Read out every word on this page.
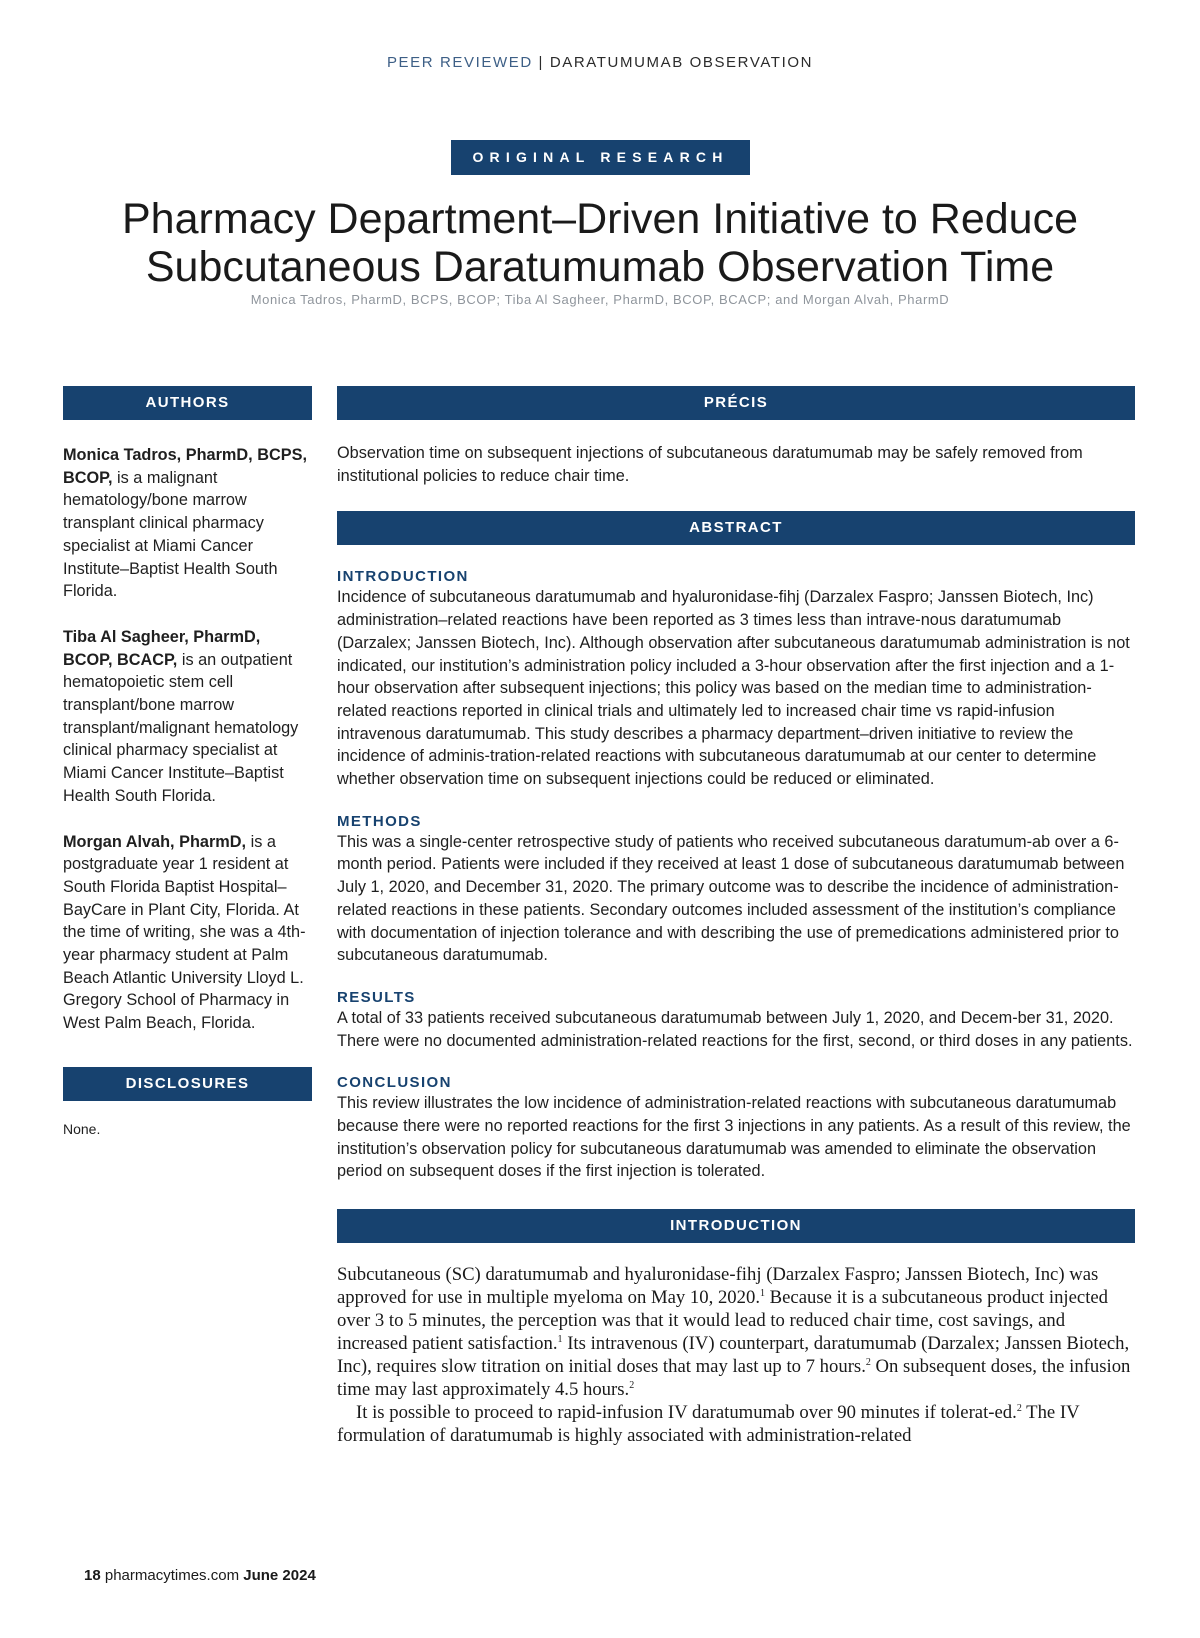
PEER REVIEWED | DARATUMUMAB OBSERVATION
ORIGINAL RESEARCH
Pharmacy Department–Driven Initiative to Reduce
Subcutaneous Daratumumab Observation Time
Monica Tadros, PharmD, BCPS, BCOP; Tiba Al Sagheer, PharmD, BCOP, BCACP; and Morgan Alvah, PharmD
AUTHORS

Monica Tadros, PharmD, BCPS, BCOP, is a malignant hematology/bone marrow transplant clinical pharmacy specialist at Miami Cancer Institute–Baptist Health South Florida.

Tiba Al Sagheer, PharmD, BCOP, BCACP, is an outpatient hematopoietic stem cell transplant/bone marrow transplant/malignant hematology clinical pharmacy specialist at Miami Cancer Institute–Baptist Health South Florida.

Morgan Alvah, PharmD, is a postgraduate year 1 resident at South Florida Baptist Hospital–BayCare in Plant City, Florida. At the time of writing, she was a 4th-year pharmacy student at Palm Beach Atlantic University Lloyd L. Gregory School of Pharmacy in West Palm Beach, Florida.

DISCLOSURES
None.
PRÉCIS

Observation time on subsequent injections of subcutaneous daratumumab may be safely removed from institutional policies to reduce chair time.

ABSTRACT
INTRODUCTION

Incidence of subcutaneous daratumumab and hyaluronidase-fihj (Darzalex Faspro; Janssen Biotech, Inc) administration–related reactions have been reported as 3 times less than intrave-nous daratumumab (Darzalex; Janssen Biotech, Inc). Although observation after subcutaneous daratumumab administration is not indicated, our institution’s administration policy included a 3-hour observation after the first injection and a 1-hour observation after subsequent injections; this policy was based on the median time to administration-related reactions reported in clinical trials and ultimately led to increased chair time vs rapid-infusion intravenous daratumumab. This study describes a pharmacy department–driven initiative to review the incidence of adminis-tration-related reactions with subcutaneous daratumumab at our center to determine whether observation time on subsequent injections could be reduced or eliminated.

METHODS

This was a single-center retrospective study of patients who received subcutaneous daratumum-ab over a 6-month period. Patients were included if they received at least 1 dose of subcutaneous daratumumab between July 1, 2020, and December 31, 2020. The primary outcome was to describe the incidence of administration-related reactions in these patients. Secondary outcomes included assessment of the institution’s compliance with documentation of injection tolerance and with describing the use of premedications administered prior to subcutaneous daratumumab.

RESULTS

A total of 33 patients received subcutaneous daratumumab between July 1, 2020, and Decem-ber 31, 2020. There were no documented administration-related reactions for the first, second, or third doses in any patients.

CONCLUSION

This review illustrates the low incidence of administration-related reactions with subcutaneous daratumumab because there were no reported reactions for the first 3 injections in any patients. As a result of this review, the institution’s observation policy for subcutaneous daratumumab was amended to eliminate the observation period on subsequent doses if the first injection is tolerated.

INTRODUCTION

Subcutaneous (SC) daratumumab and hyaluronidase-fihj (Darzalex Faspro; Janssen Biotech, Inc) was approved for use in multiple myeloma on May 10, 2020.$^1$ Because it is a subcutaneous product injected over 3 to 5 minutes, the perception was that it would lead to reduced chair time, cost savings, and increased patient satisfaction.$^1$ Its intravenous (IV) counterpart, daratumumab (Darzalex; Janssen Biotech, Inc), requires slow titration on initial doses that may last up to 7 hours.$^2$ On subsequent doses, the infusion time may last approximately 4.5 hours.$^2$

It is possible to proceed to rapid-infusion IV daratumumab over 90 minutes if tolerat-ed.$^2$ The IV formulation of daratumumab is highly associated with administration-related

18 pharmacytimes.com June 2024
